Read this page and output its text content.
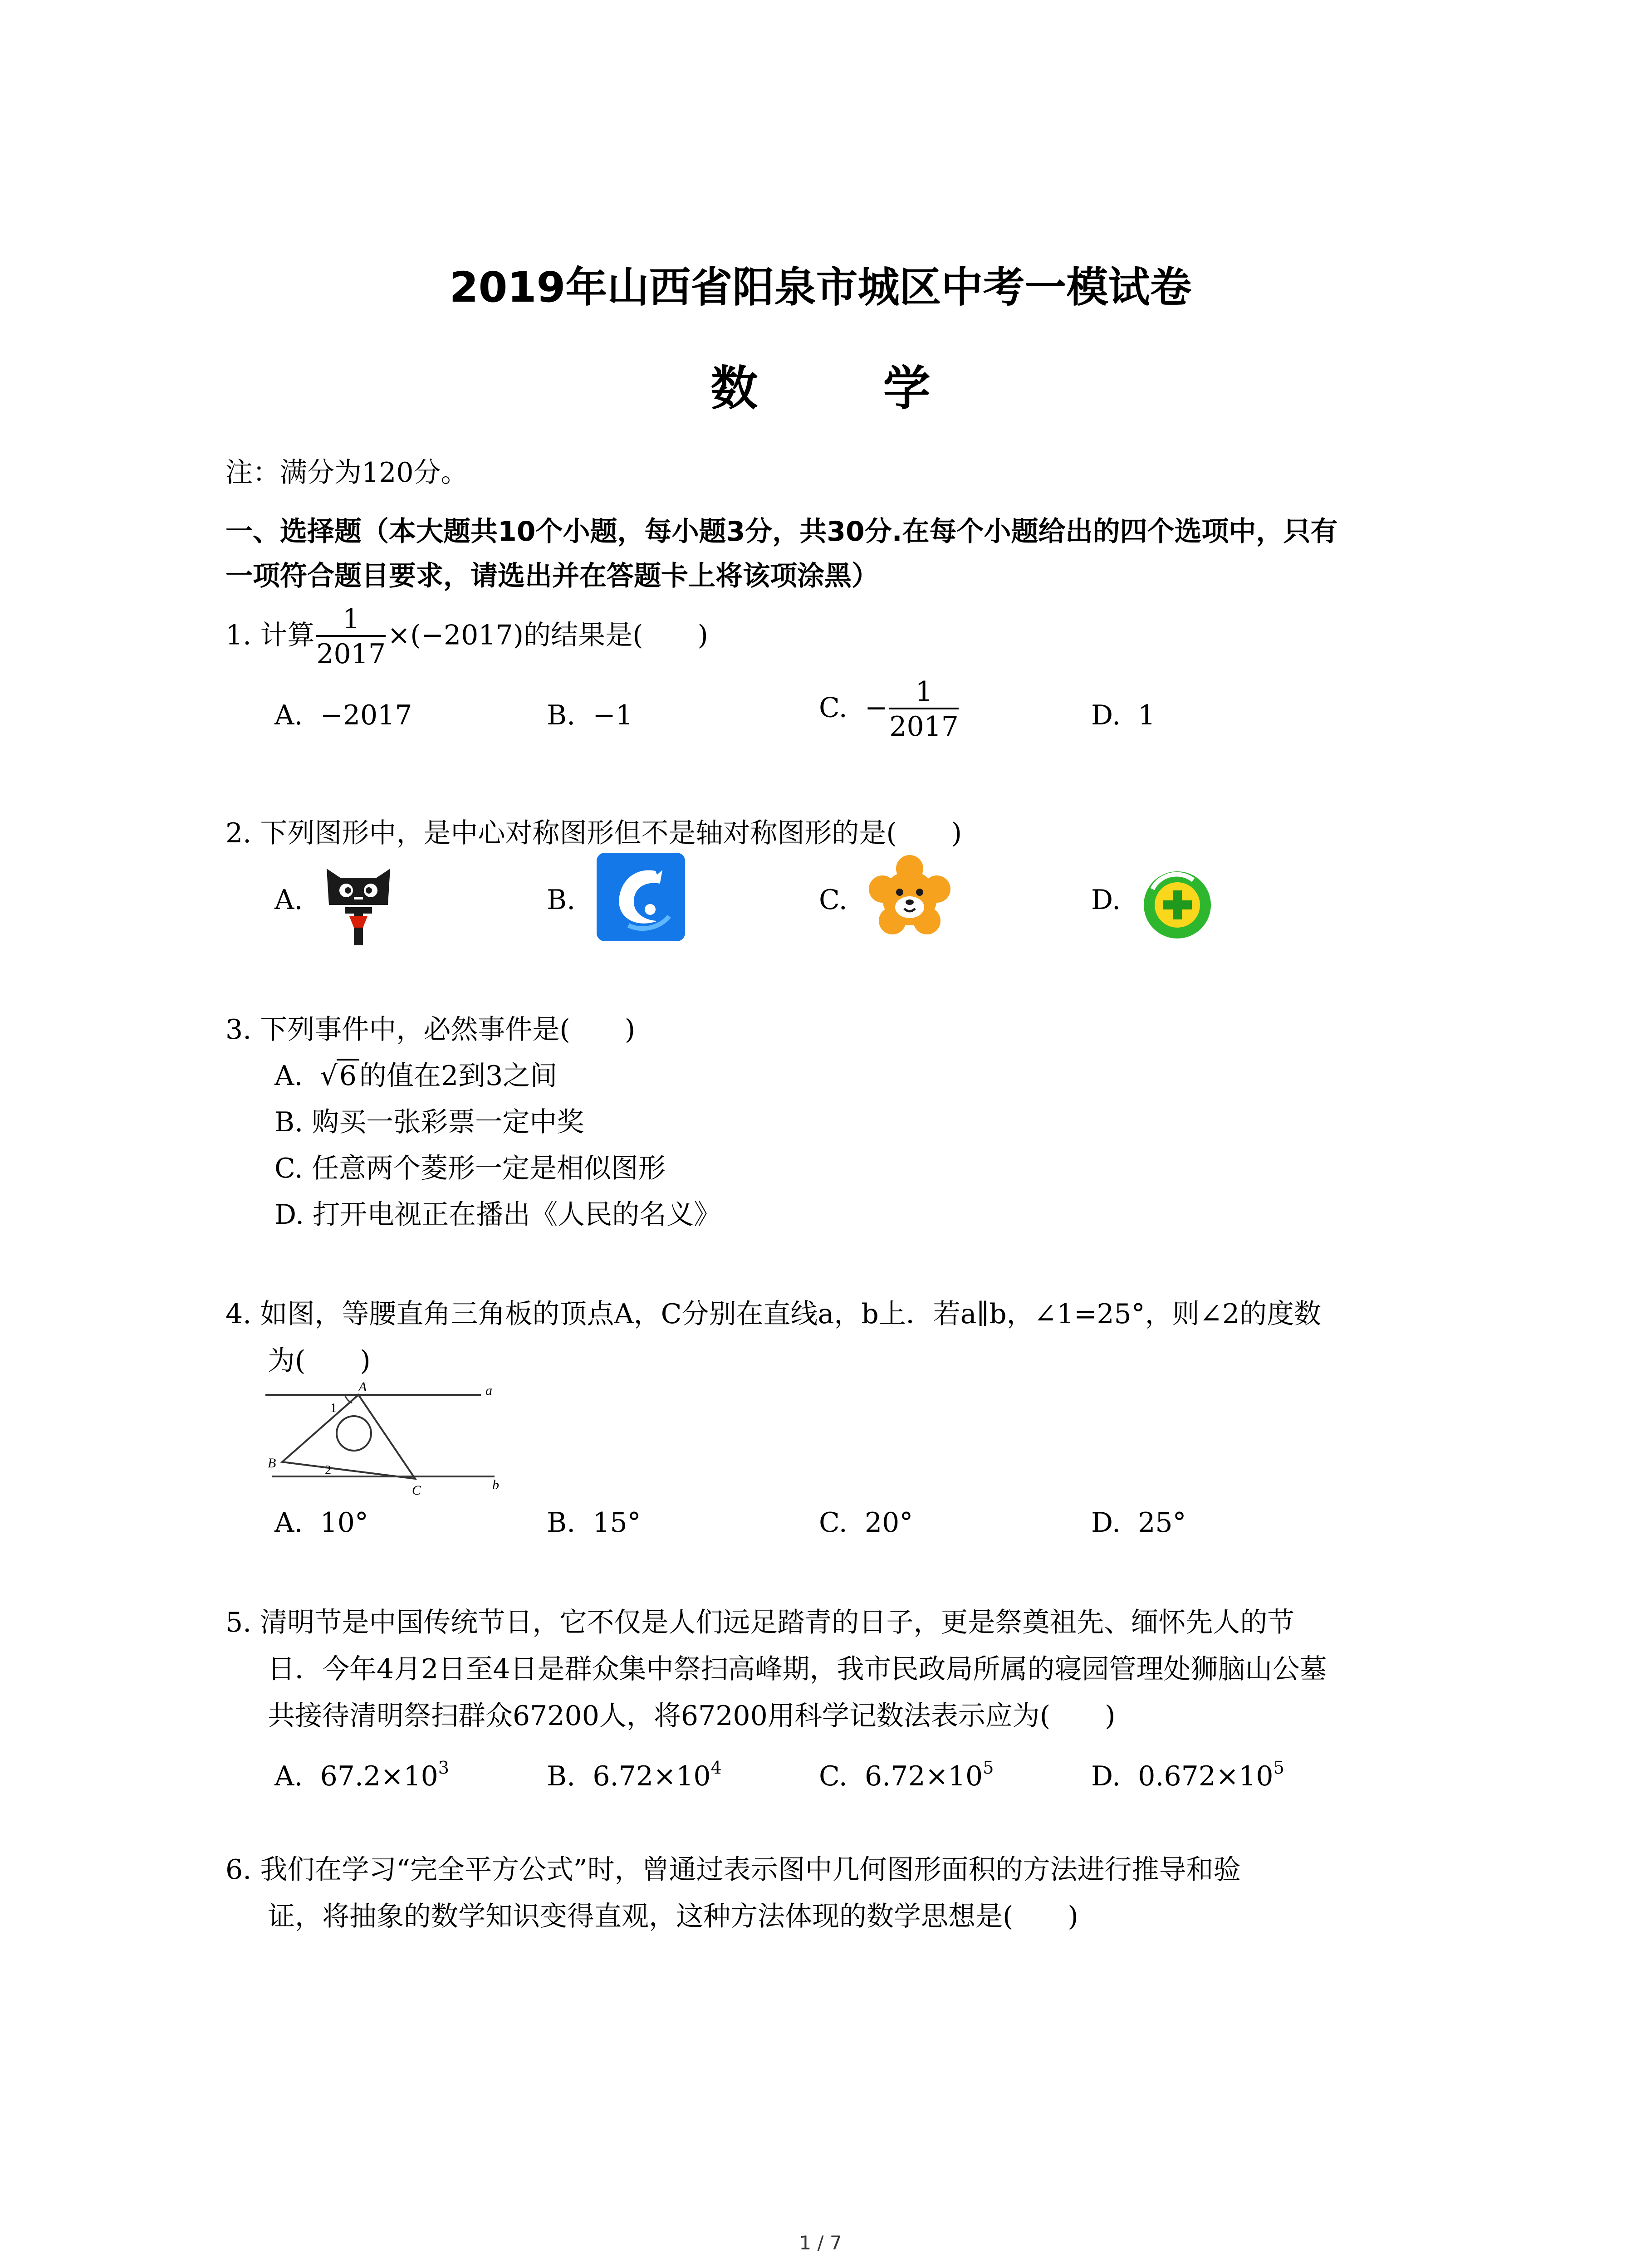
2019年山西省阳泉市城区中考一模试卷
数 学
注：满分为120分。
一、选择题（本大题共10个小题，每小题3分，共30分.在每个小题给出的四个选项中，只有
一项符合题目要求，请选出并在答题卡上将该项涂黑）
1. 计算 $\frac{1}{2017} \times(-2017)$的结果是(　　)
A. −2017	B. −1	C. − $\frac{1}{2017}$	D. 1
2. 下列图形中，是中心对称图形但不是轴对称图形的是(　　)
A.	B.	C.	D.
3. 下列事件中，必然事件是(　　)
A. √6 的值在2到3之间
B. 购买一张彩票一定中奖
C. 任意两个菱形一定是相似图形
D. 打开电视正在播出《人民的名义》
4. 如图，等腰直角三角板的顶点A，C分别在直线a，b上．若a∥b，∠1=25°，则∠2的度数
为(　　)
A	a
B
C	b
1
2
A. 10°	B. 15°	C. 20°	D. 25°
5. 清明节是中国传统节日，它不仅是人们远足踏青的日子，更是祭奠祖先、缅怀先人的节
日．今年4月2日至4日是群众集中祭扫高峰期，我市民政局所属的寝园管理处狮脑山公墓
共接待清明祭扫群众67200人，将67200用科学记数法表示应为(　　)
A. $67.2\times 10^3$	B. $6.72\times 10^4$	C. $6.72\times 10^5$	D. $0.672\times 10^5$
6. 我们在学习“完全平方公式”时，曾通过表示图中几何图形面积的方法进行推导和验
证，将抽象的数学知识变得直观，这种方法体现的数学思想是(　　)
1 / 7
